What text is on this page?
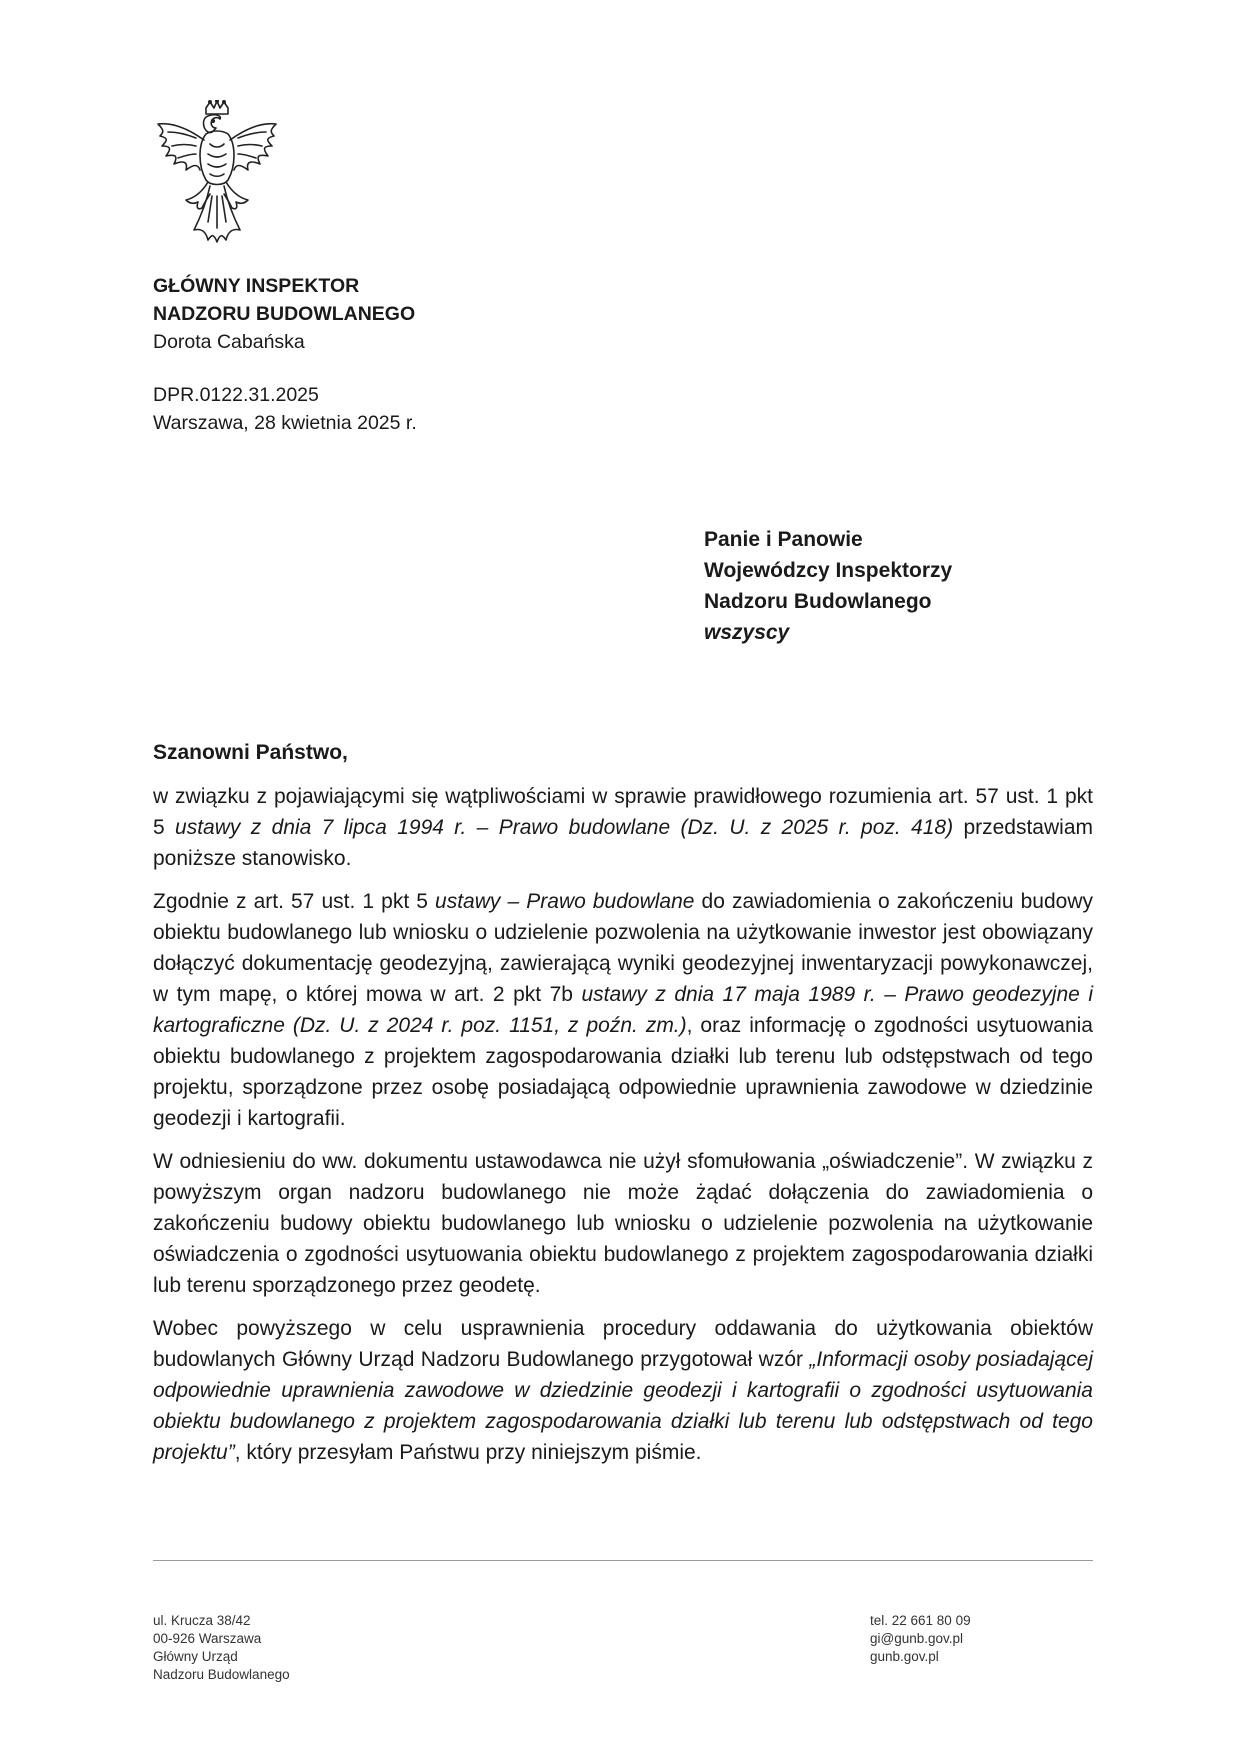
GŁÓWNY INSPEKTOR
NADZORU BUDOWLANEGO
Dorota Cabańska
DPR.0122.31.2025
Warszawa, 28 kwietnia 2025 r.
Panie i Panowie
Wojewódzcy Inspektorzy
Nadzoru Budowlanego
wszyscy
Szanowni Państwo,

w związku z pojawiającymi się wątpliwościami w sprawie prawidłowego rozumienia art. 57 ust. 1 pkt 5 ustawy z dnia 7 lipca 1994 r. – Prawo budowlane (Dz. U. z 2025 r. poz. 418) przedstawiam poniższe stanowisko.

Zgodnie z art. 57 ust. 1 pkt 5 ustawy – Prawo budowlane do zawiadomienia o zakończeniu budowy obiektu budowlanego lub wniosku o udzielenie pozwolenia na użytkowanie inwestor jest obowiązany dołączyć dokumentację geodezyjną, zawierającą wyniki geodezyjnej inwentaryzacji powykonawczej, w tym mapę, o której mowa w art. 2 pkt 7b ustawy z dnia 17 maja 1989 r. – Prawo geodezyjne i kartograficzne (Dz. U. z 2024 r. poz. 1151, z poźn. zm.), oraz informację o zgodności usytuowania obiektu budowlanego z projektem zagospodarowania działki lub terenu lub odstępstwach od tego projektu, sporządzone przez osobę posiadającą odpowiednie uprawnienia zawodowe w dziedzinie geodezji i kartografii.

W odniesieniu do ww. dokumentu ustawodawca nie użył sfomułowania „oświadczenie”. W związku z powyższym organ nadzoru budowlanego nie może żądać dołączenia do zawiadomienia o zakończeniu budowy obiektu budowlanego lub wniosku o udzielenie pozwolenia na użytkowanie oświadczenia o zgodności usytuowania obiektu budowlanego z projektem zagospodarowania działki lub terenu sporządzonego przez geodetę.

Wobec powyższego w celu usprawnienia procedury oddawania do użytkowania obiektów budowlanych Główny Urząd Nadzoru Budowlanego przygotował wzór „Informacji osoby posiadającej odpowiednie uprawnienia zawodowe w dziedzinie geodezji i kartografii o zgodności usytuowania obiektu budowlanego z projektem zagospodarowania działki lub terenu lub odstępstwach od tego projektu”, który przesyłam Państwu przy niniejszym piśmie.

ul. Krucza 38/42
00-926 Warszawa
Główny Urząd
Nadzoru Budowlanego
tel. 22 661 80 09
gi@gunb.gov.pl
gunb.gov.pl
